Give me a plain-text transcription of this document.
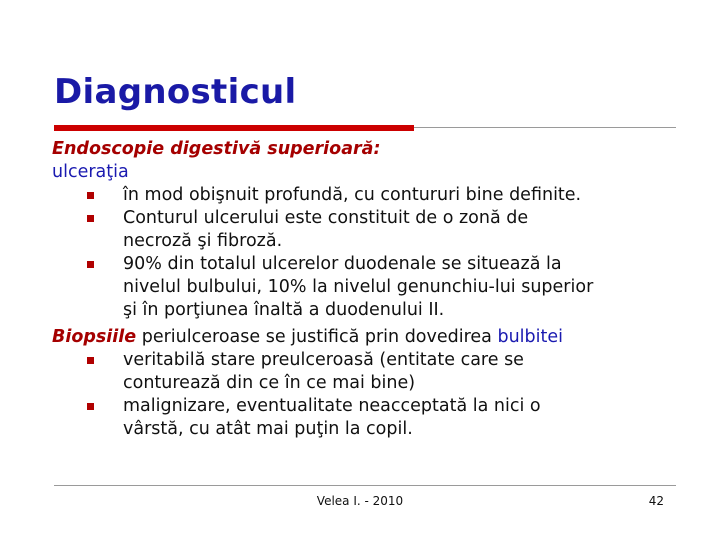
Diagnosticul
Endoscopie digestivă superioară:
ulceraţia
în mod obişnuit profundă, cu contururi bine definite.
Conturul ulcerului este constituit de o zonă de
necroză şi fibroză.
90% din totalul ulcerelor duodenale se situează la
nivelul bulbului, 10% la nivelul genunchiu-lui superior
şi în porţiunea înaltă a duodenului II.
Biopsiile periulceroase se justifică prin dovedirea bulbitei
veritabilă stare preulceroasă (entitate care se
conturează din ce în ce mai bine)
malignizare, eventualitate neacceptată la nici o
vârstă, cu atât mai puţin la copil.
Velea I. - 2010	42
